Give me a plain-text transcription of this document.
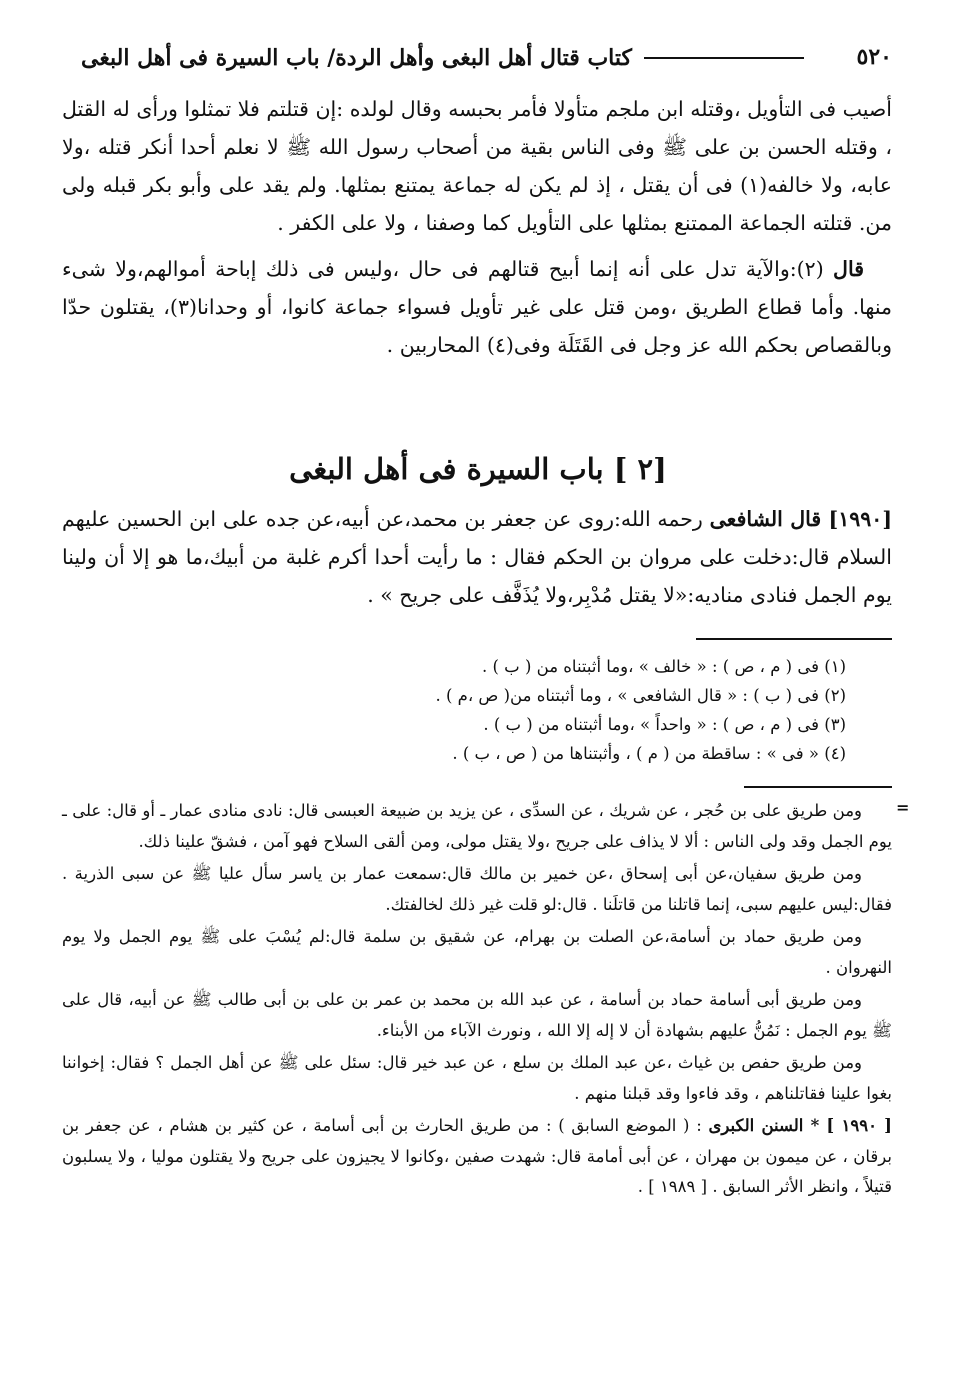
٥٢٠
كتاب قتال أهل البغى وأهل الردة/ باب السيرة فى أهل البغى

أصيب فى التأويل ،وقتله ابن ملجم متأولا فأمر بحبسه وقال لولده :إن قتلتم فلا تمثلوا ورأى له القتل ، وقتله الحسن بن على ﷺ وفى الناس بقية من أصحاب رسول الله ﷺ لا نعلم أحدا أنكر قتله ،ولا عابه، ولا خالفه(١) فى أن يقتل ، إذ لم يكن له جماعة يمتنع بمثلها. ولم يقد على وأبو بكر قبله ولى من. قتلته الجماعة الممتنع بمثلها على التأويل كما وصفنا ، ولا على الكفر .

قال (٢):والآية تدل على أنه إنما أبيح قتالهم فى حال ،وليس فى ذلك إباحة أموالهم،ولا شىء منها. وأما قطاع الطريق ،ومن قتل على غير تأويل فسواء جماعة كانوا، أو وحدانا(٣)، يقتلون حدّا وبالقصاص بحكم الله عز وجل فى القَتَلَة وفى(٤) المحاربين .

[٢ ] باب السيرة فى أهل البغى
[١٩٩٠] قال الشافعى رحمه الله:روى عن جعفر بن محمد،عن أبيه،عن جده على ابن الحسين عليهم السلام قال:دخلت على مروان بن الحكم فقال : ما رأيت أحدا أكرم غلبة من أبيك،ما هو إلا أن ولينا يوم الجمل فنادى مناديه:«لا يقتل مُدْبِر،ولا يُذَفَّف على جريح » .
(١) فى ( م ، ص ) : « خالف » ،وما أثبتناه من ( ب ) .
(٢) فى ( ب ) : « قال الشافعى » ، وما أثبتناه من( ص ،م ) .
(٣) فى ( م ، ص ) : « واحداً » ،وما أثبتناه من ( ب ) .
(٤) « فى » : ساقطة من ( م ) ، وأثبتناها من ( ص ، ب ) .
=

ومن طريق على بن حُجر ، عن شريك ، عن السدِّى ، عن يزيد بن ضبيعة العبسى قال: نادى منادى عمار ـ أو قال: على ـ يوم الجمل وقد ولى الناس : ألا لا يذاف على جريح ،ولا يقتل مولى، ومن ألقى السلاح فهو آمن ، فشقّ علينا ذلك.

ومن طريق سفيان،عن أبى إسحاق ،عن خمير بن مالك قال:سمعت عمار بن ياسر سأل عليا ﷺ عن سبى الذرية . فقال:ليس عليهم سبى، إنما قاتلنا من قاتلَنا . قال:لو قلت غير ذلك لخالفتك.

ومن طريق حماد بن أسامة،عن الصلت بن بهرام، عن شقيق بن سلمة قال:لم يُسْبَ على ﷺ يوم الجمل ولا يوم النهروان .

ومن طريق أبى أسامة حماد بن أسامة ، عن عبد الله بن محمد بن عمر بن على بن أبى طالب ﷺ عن أبيه، قال على ﷺ يوم الجمل : نَمُنُّ عليهم بشهادة أن لا إله إلا الله ، ونورث الآباء من الأبناء.

ومن طريق حفص بن غياث ،عن عبد الملك بن سلع ، عن عبد خير قال: سئل على ﷺ عن أهل الجمل ؟ فقال: إخواننا بغوا علينا فقاتلناهم ، وقد فاءوا وقد قبلنا منهم .

[ ١٩٩٠ ] * السنن الكبرى : ( الموضع السابق ) : من طريق الحارث بن أبى أسامة ، عن كثير بن هشام ، عن جعفر بن برقان ، عن ميمون بن مهران ، عن أبى أمامة قال: شهدت صفين ،وكانوا لا يجيزون على جريح ولا يقتلون موليا ، ولا يسلبون قتيلاً ، وانظر الأثر السابق . [ ١٩٨٩ ] .
